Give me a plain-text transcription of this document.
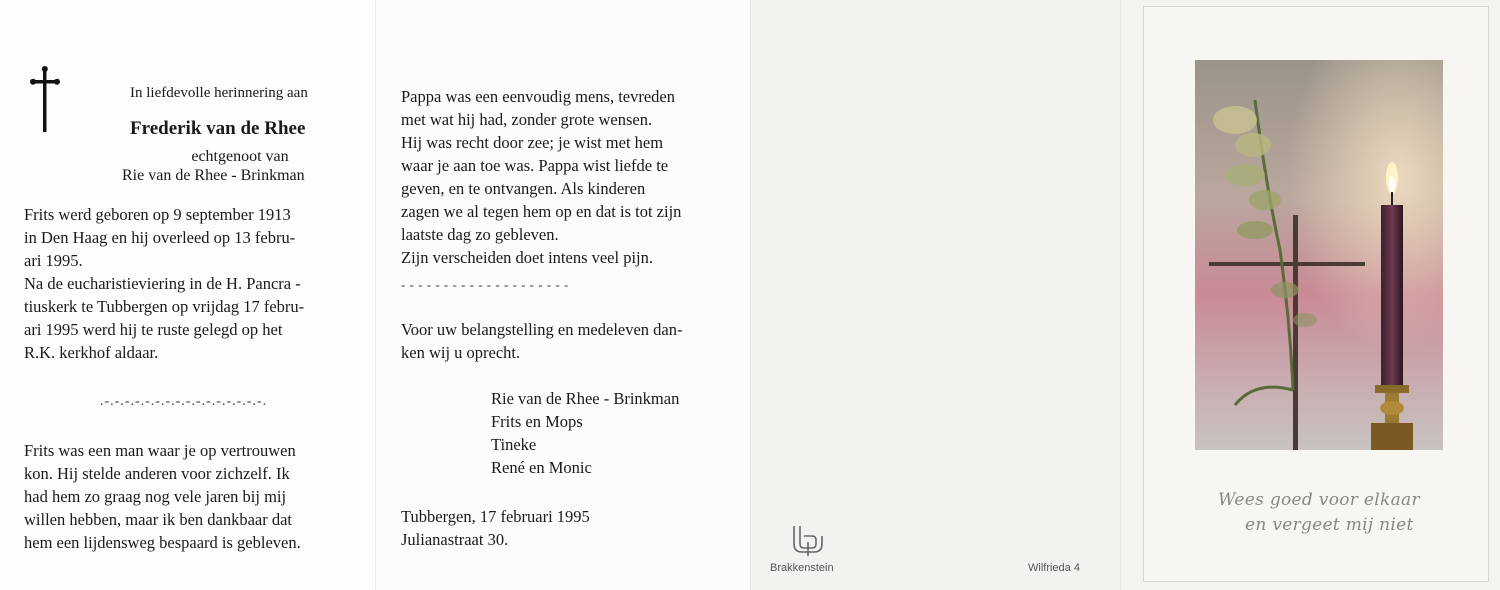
In liefdevolle herinnering aan
Frederik van de Rhee
echtgenoot van
Rie van de Rhee - Brinkman
Frits werd geboren op 9 september 1913
in Den Haag en hij overleed op 13 febru-
ari 1995.
Na de eucharistieviering in de H. Pancra -
tiuskerk te Tubbergen op vrijdag 17 febru-
ari 1995 werd hij te ruste gelegd op het
R.K. kerkhof aldaar.
.-.-.-.-.-.-.-.-.-.-.-.-.-.-.-.-.
Frits was een man waar je op vertrouwen
kon. Hij stelde anderen voor zichzelf. Ik
had hem zo graag nog vele jaren bij mij
willen hebben, maar ik ben dankbaar dat
hem een lijdensweg bespaard is gebleven.
Pappa was een eenvoudig mens, tevreden
met wat hij had, zonder grote wensen.
Hij was recht door zee; je wist met hem
waar je aan toe was. Pappa wist liefde te
geven, en te ontvangen. Als kinderen
zagen we al tegen hem op en dat is tot zijn
laatste dag zo gebleven.
Zijn verscheiden doet intens veel pijn.
- - - - - - - - - - - - - - - - - - - -
Voor uw belangstelling en medeleven dan-
ken wij u oprecht.
Rie van de Rhee - Brinkman
Frits en Mops
Tineke
René en Monic
Tubbergen, 17 februari 1995
Julianastraat 30.
Brakkenstein	Wilfrieda 4
Wees goed voor elkaar
en vergeet mij niet
